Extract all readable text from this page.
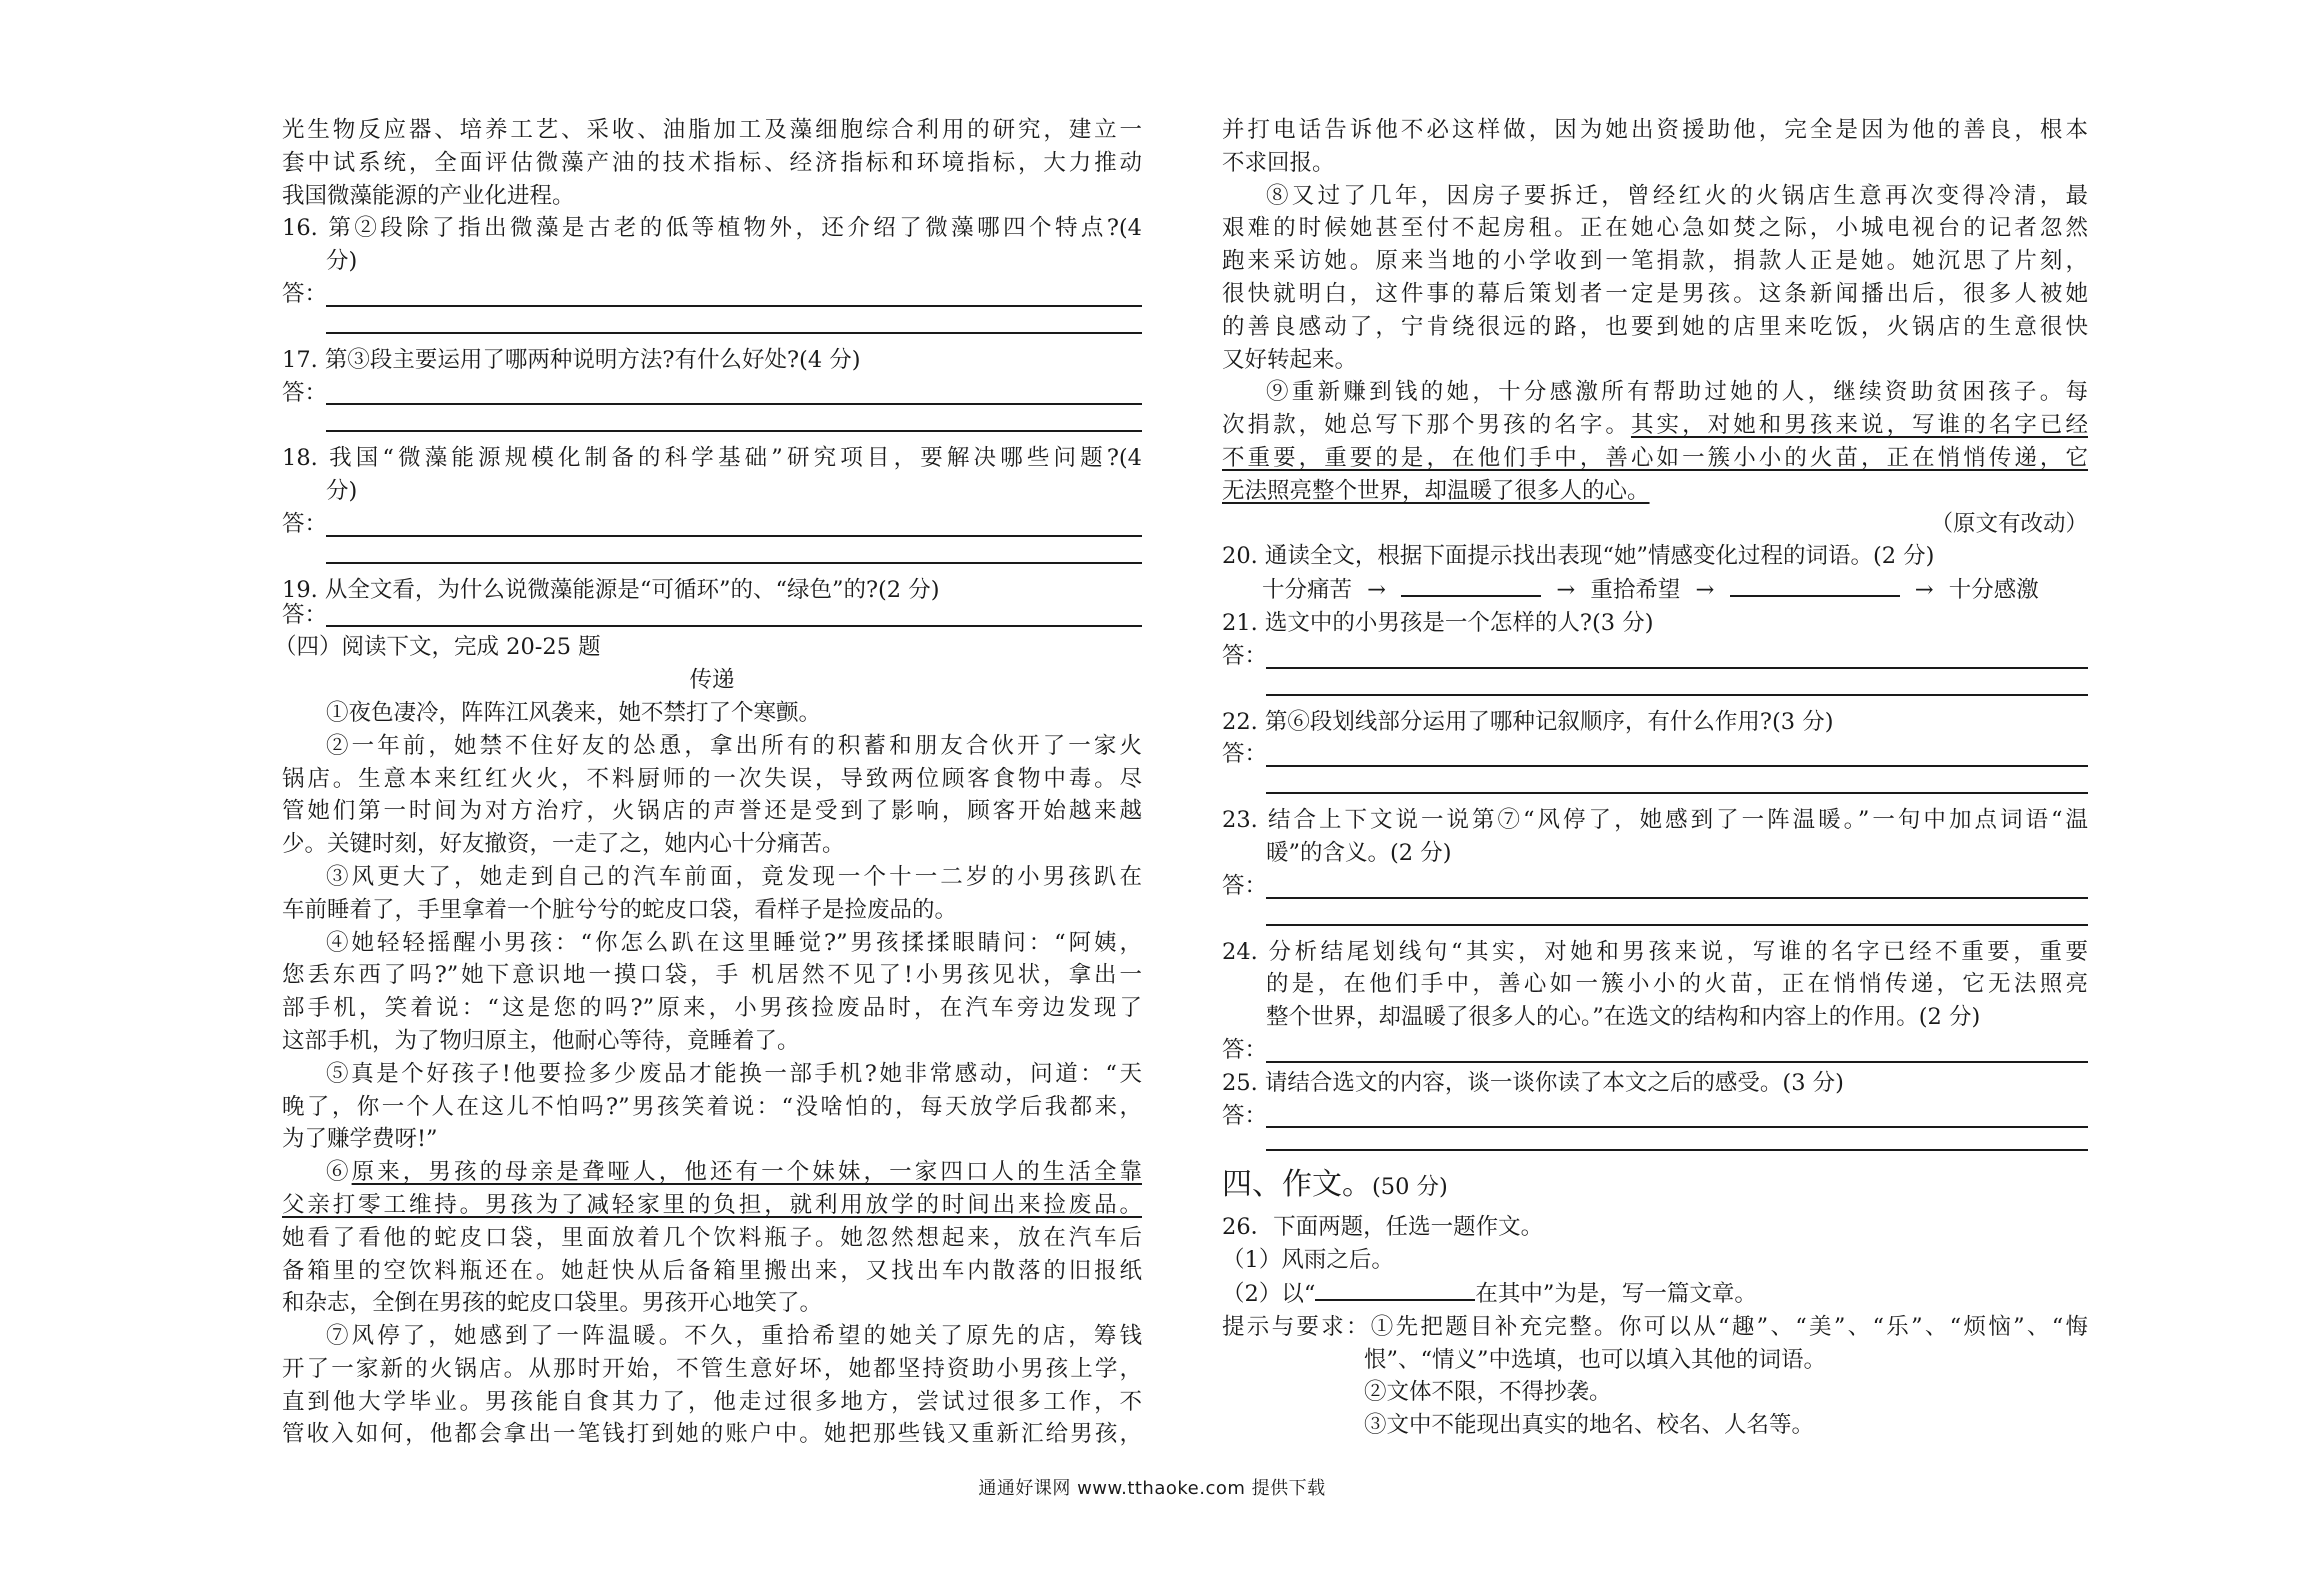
光生物反应器、培养工艺、采收、油脂加工及藻细胞综合利用的研究，建立一
套中试系统，全面评估微藻产油的技术指标、经济指标和环境指标，大力推动
我国微藻能源的产业化进程。
16. 第②段除了指出微藻是古老的低等植物外，还介绍了微藻哪四个特点?(4
分)
答：
17. 第③段主要运用了哪两种说明方法?有什么好处?(4 分)
答：
18. 我国“微藻能源规模化制备的科学基础”研究项目，要解决哪些问题?(4
分)
答：
19. 从全文看，为什么说微藻能源是“可循环”的、“绿色”的?(2 分)
答：
（四）阅读下文，完成 20-25 题
传递
①夜色凄冷，阵阵江风袭来，她不禁打了个寒颤。
②一年前，她禁不住好友的怂恿，拿出所有的积蓄和朋友合伙开了一家火
锅店。生意本来红红火火，不料厨师的一次失误，导致两位顾客食物中毒。尽
管她们第一时间为对方治疗，火锅店的声誉还是受到了影响，顾客开始越来越
少。关键时刻，好友撤资，一走了之，她内心十分痛苦。
③风更大了，她走到自己的汽车前面，竟发现一个十一二岁的小男孩趴在
车前睡着了，手里拿着一个脏兮兮的蛇皮口袋，看样子是捡废品的。
④她轻轻摇醒小男孩：“你怎么趴在这里睡觉?”男孩揉揉眼睛问：“阿姨，
您丢东西了吗?”她下意识地一摸口袋，手 机居然不见了!小男孩见状，拿出一
部手机，笑着说：“这是您的吗?”原来，小男孩捡废品时，在汽车旁边发现了
这部手机，为了物归原主，他耐心等待，竟睡着了。
⑤真是个好孩子!他要捡多少废品才能换一部手机?她非常感动，问道：“天
晚了，你一个人在这儿不怕吗?”男孩笑着说：“没啥怕的，每天放学后我都来，
为了赚学费呀!”
⑥原来，男孩的母亲是聋哑人，他还有一个妹妹，一家四口人的生活全靠
父亲打零工维持。男孩为了减轻家里的负担，就利用放学的时间出来捡废品。
她看了看他的蛇皮口袋，里面放着几个饮料瓶子。她忽然想起来，放在汽车后
备箱里的空饮料瓶还在。她赶快从后备箱里搬出来，又找出车内散落的旧报纸
和杂志，全倒在男孩的蛇皮口袋里。男孩开心地笑了。
⑦风停了，她感到了一阵温暖。不久，重拾希望的她关了原先的店，筹钱
开了一家新的火锅店。从那时开始，不管生意好坏，她都坚持资助小男孩上学，
直到他大学毕业。男孩能自食其力了，他走过很多地方，尝试过很多工作，不
管收入如何，他都会拿出一笔钱打到她的账户中。她把那些钱又重新汇给男孩，
并打电话告诉他不必这样做，因为她出资援助他，完全是因为他的善良，根本
不求回报。
⑧又过了几年，因房子要拆迁，曾经红火的火锅店生意再次变得冷清，最
艰难的时候她甚至付不起房租。正在她心急如焚之际，小城电视台的记者忽然
跑来采访她。原来当地的小学收到一笔捐款，捐款人正是她。她沉思了片刻，
很快就明白，这件事的幕后策划者一定是男孩。这条新闻播出后，很多人被她
的善良感动了，宁肯绕很远的路，也要到她的店里来吃饭，火锅店的生意很快
又好转起来。
⑨重新赚到钱的她，十分感激所有帮助过她的人，继续资助贫困孩子。每
次捐款，她总写下那个男孩的名字。其实，对她和男孩来说，写谁的名字已经
不重要，重要的是，在他们手中，善心如一簇小小的火苗，正在悄悄传递，它
无法照亮整个世界，却温暖了很多人的心。
（原文有改动）
20. 通读全文，根据下面提示找出表现“她”情感变化过程的词语。(2 分)
十分痛苦 →	→ 重拾希望 →	→ 十分感激
21. 选文中的小男孩是一个怎样的人?(3 分)
答：
22. 第⑥段划线部分运用了哪种记叙顺序，有什么作用?(3 分)
答：
23. 结合上下文说一说第⑦“风停了，她感到了一阵温暖。”一句中加点词语“温
暖”的含义。(2 分)
答：
24. 分析结尾划线句“其实，对她和男孩来说，写谁的名字已经不重要，重要
的是，在他们手中，善心如一簇小小的火苗，正在悄悄传递，它无法照亮
整个世界，却温暖了很多人的心。”在选文的结构和内容上的作用。(2 分)
答：
25. 请结合选文的内容，谈一谈你读了本文之后的感受。(3 分)
答：
四、作文。(50 分)
26．下面两题，任选一题作文。
（1）风雨之后。
（2）以“	在其中”为是，写一篇文章。
提示与要求：①先把题目补充完整。你可以从“趣”、“美”、“乐”、“烦恼”、“悔
恨”、“情义”中选填，也可以填入其他的词语。
②文体不限，不得抄袭。
③文中不能现出真实的地名、校名、人名等。
通通好课网 www.tthaoke.com 提供下载
